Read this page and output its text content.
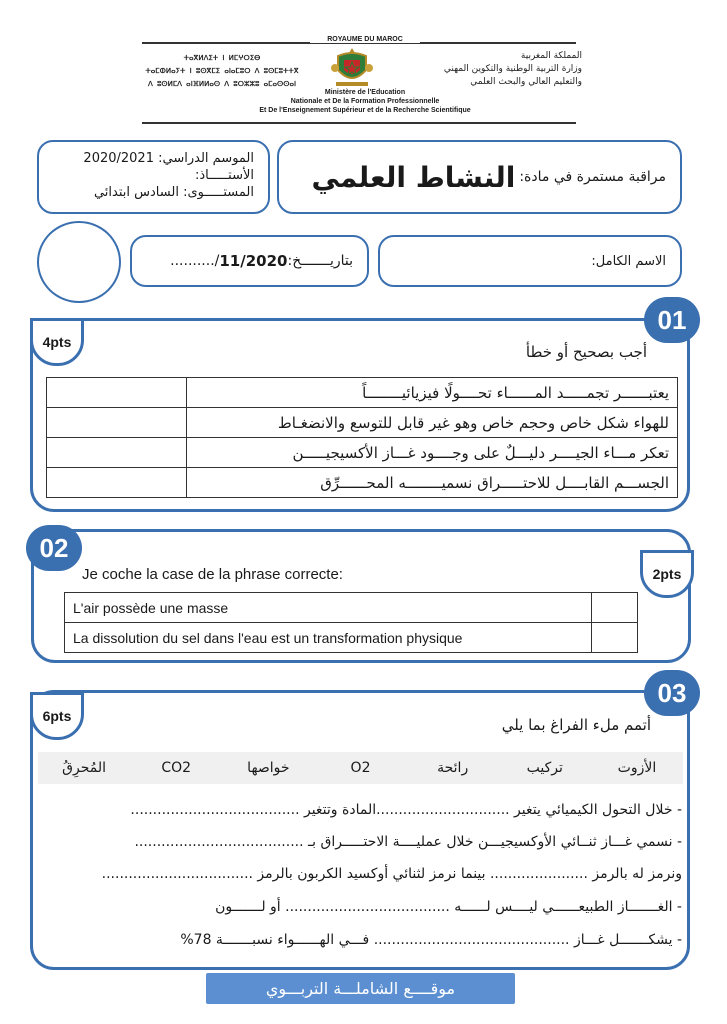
ROYAUME DU MAROC
ⵜⴰⴳⵍⴷⵉⵜ ⵏ ⵍⵎⵖⵔⵉⴱ
ⵜⴰⵎⵀⵍⴰⵢⵜ ⵏ ⵓⵙⴳⵎⵉ ⴰⵏⴰⵎⵓⵔ ⴷ ⵓⵙⵎⵓⵜⵜⴳ
ⴷ ⵓⵙⵍⵎⴷ ⴰⵏⴼⵍⵍⴰⵙ ⴷ ⵓⵔⵣⵣⵓ ⴰⵎⴰⵙⵙⴰⵏ
المملكة المغربية
وزارة التربية الوطنية والتكوين المهني
والتعليم العالي والبحث العلمي
Ministère de l'Education
Nationale et De la Formation Professionnelle
Et De l'Enseignement Supérieur et de la Recherche Scientifique
الموسم الدراسي: 2020/2021
الأستـــــاذ:
المستـــــوى: السادس ابتدائي
مراقبة مستمرة في مادة:
النشاط العلمي
بتاريـــــــخ:
11/2020
/..........	الاسم الكامل:
01
4pts
أجب بصحيح أو خطأ
	يعتبــــــر تجمـــــد المــــــاء تحــــولًا فيزيائيــــــــاً
	للهواء شكل خاص وحجم خاص وهو غير قابل للتوسع والانضغـاط
	تعكر مـــاء الجيــــر دليـــلٌ على وجــــود غـــاز الأكسيجيـــــن
	الجســـم القابــــل للاحتـــــراق نسميــــــــه المحــــــرِّق
02
2pts
Je coche la case de la phrase correcte:
L'air possède une masse	
La dissolution du sel dans l'eau est un transformation physique	
03
6pts	أتمم ملء الفراغ بما يلي
الأزوت
تركيب
رائحة
O2
خواصها
CO2
المُحرِقُ
- خلال التحول الكيميائي يتغير ..............................المادة وتتغير ......................................
- نسمي غـــاز ثنــائي الأوكسيجيـــن خلال عمليــــة الاحتـــــراق بـ ......................................
ونرمز له بالرمز ...................... بينما نرمز لثنائي أوكسيد الكربون بالرمز ..................................
- الغـــــــاز الطبيعــــــي ليــــس لــــــه ..................................... أو لـــــــون
- يشكـــــــل غـــاز ............................................ فـــي الهــــــواء نسبـــــــة 78%
موقــــع الشاملـــة التربـــوي
